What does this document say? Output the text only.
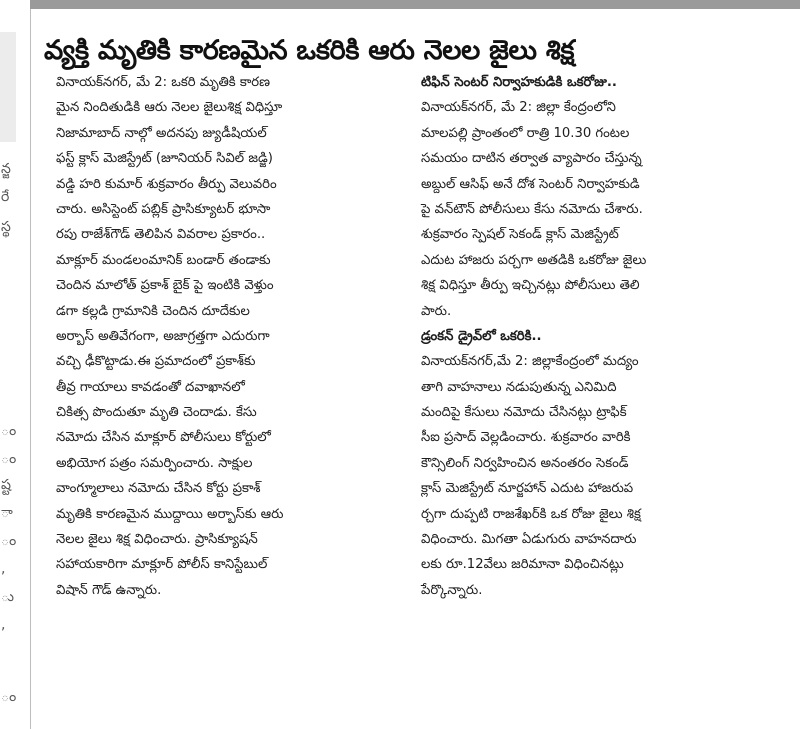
న్జ
రే
స్థ
ం
ం
ష్ట
ా
ం
,
ు
,
ం
వ్యక్తి మృతికి కారణమైన ఒకరికి ఆరు నెలల జైలు శిక్ష
వినాయక్‌నగర్, మే 2: ఒకరి మృతికి కారణ
మైన నిందితుడికి ఆరు నెలల జైలుశిక్ష విధిస్తూ
నిజామాబాద్ నాల్గో అదనపు జ్యుడీషియల్
ఫస్ట్ క్లాస్ మెజిస్ట్రేట్ (జూనియర్ సివిల్ జడ్జి)
వడ్డి హరి కుమార్ శుక్రవారం తీర్పు వెలువరిం
చారు. అసిస్టెంట్ పబ్లిక్ ప్రాసిక్యూటర్ భూసా
రపు రాజేశ్‌గౌడ్ తెలిపిన వివరాల ప్రకారం..
మాక్లూర్ మండలంమానిక్ బండార్ తండాకు
చెందిన మాలోత్ ప్రకాశ్ బైక్ పై ఇంటికి వెళ్తుం
డగా కల్లడి గ్రామానికి చెందిన దూదేకుల
అర్బాస్ అతివేగంగా, అజాగ్రత్తగా ఎదురుగా
వచ్చి ఢీకొట్టాడు.ఈ ప్రమాదంలో ప్రకాశ్‌కు
తీవ్ర గాయాలు కావడంతో దవాఖానలో
చికిత్స పొందుతూ మృతి చెందాడు. కేసు
నమోదు చేసిన మాక్లూర్ పోలీసులు కోర్టులో
అభియోగ పత్రం సమర్పించారు. సాక్షుల
వాంగ్మూలాలు నమోదు చేసిన కోర్టు ప్రకాశ్
మృతికి కారణమైన ముద్దాయి అర్బాస్‌కు ఆరు
నెలల జైలు శిక్ష విధించారు. ప్రాసిక్యూషన్
సహాయకారిగా మాక్లూర్ పోలీస్ కానిస్టేబుల్
విషాన్ గౌడ్ ఉన్నారు.
టిఫిన్ సెంటర్ నిర్వాహకుడికి ఒకరోజు..
వినాయక్‌నగర్, మే 2: జిల్లా కేంద్రంలోని
మాలపల్లి ప్రాంతంలో రాత్రి 10.30 గంటల
సమయం దాటిన తర్వాత వ్యాపారం చేస్తున్న
అబ్దుల్ ఆసిఫ్ అనే దోశ సెంటర్ నిర్వాహకుడి
పై వన్‌టౌన్ పోలీసులు కేసు నమోదు చేశారు.
శుక్రవారం స్పెషల్ సెకండ్ క్లాస్ మెజిస్ట్రేట్
ఎదుట హాజరు పర్చగా అతడికి ఒకరోజు జైలు
శిక్ష విధిస్తూ తీర్పు ఇచ్చినట్లు పోలీసులు తెలి
పారు.
డ్రంకన్ డ్రైవ్‌లో ఒకరికి..
వినాయక్‌నగర్,మే 2: జిల్లాకేంద్రంలో మద్యం
తాగి వాహనాలు నడుపుతున్న ఎనిమిది
మందిపై కేసులు నమోదు చేసినట్లు ట్రాఫిక్
సీఐ ప్రసాద్ వెల్లడించారు. శుక్రవారం వారికి
కౌన్సిలింగ్ నిర్వహించిన అనంతరం సెకండ్
క్లాస్ మెజిస్ట్రేట్ నూర్జహాన్ ఎదుట హాజరుప
ర్చగా దుప్పటి రాజశేఖర్‌కి ఒక రోజు జైలు శిక్ష
విధించారు. మిగతా ఏడుగురు వాహనదారు
లకు రూ.12వేలు జరిమానా విధించినట్లు
పేర్కొన్నారు.
